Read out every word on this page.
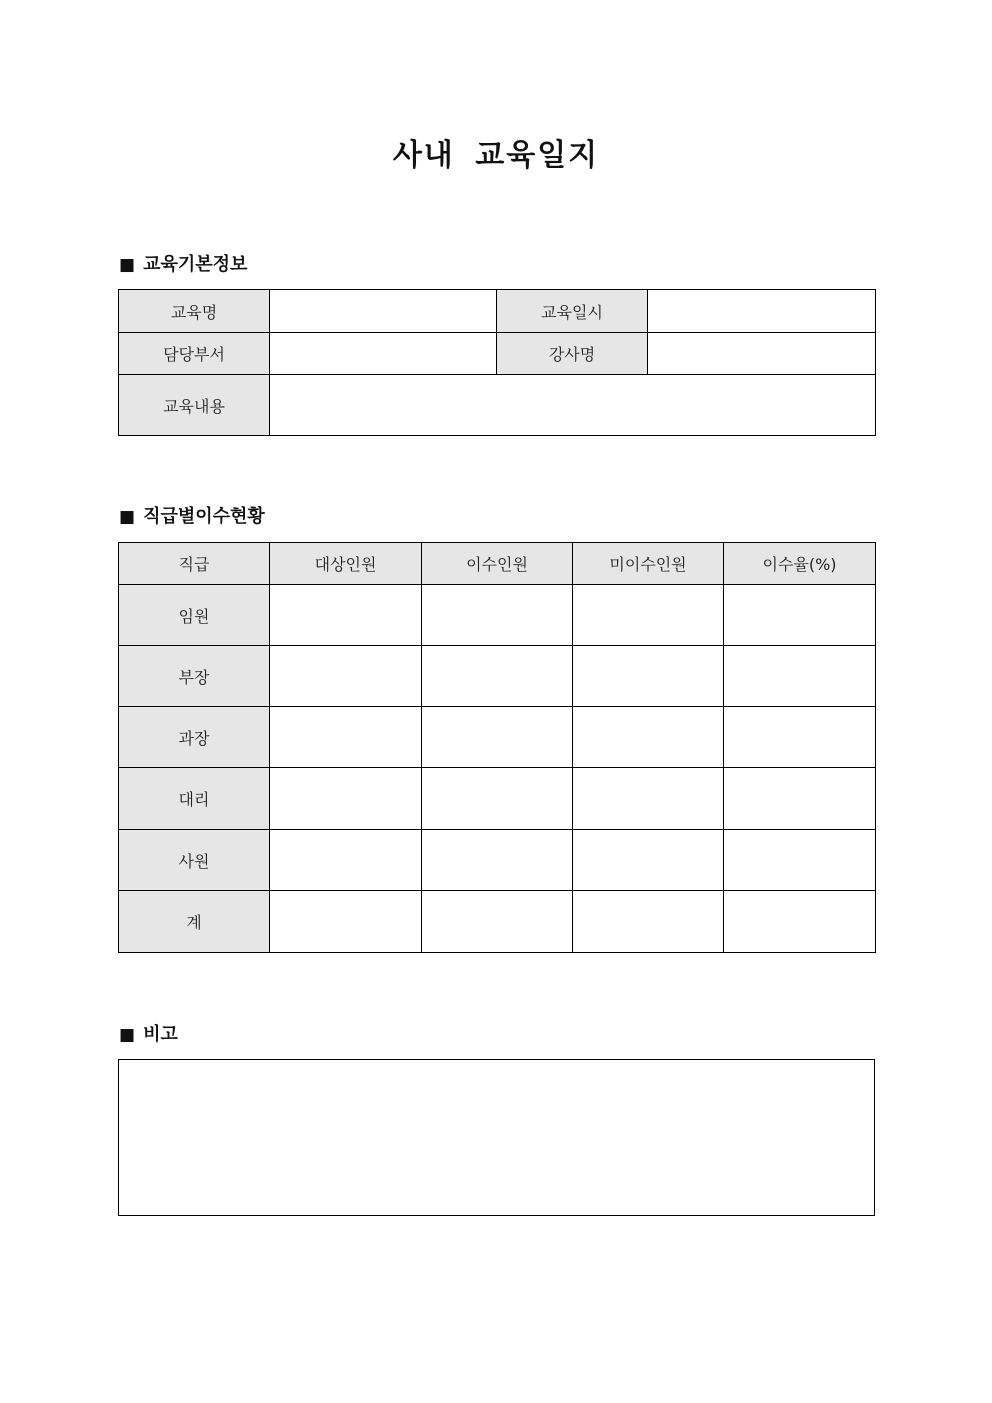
사내 교육일지
■ 교육기본정보
교육명		교육일시	
담당부서		강사명	
교육내용			
■ 직급별이수현황
직급	대상인원	이수인원	미이수인원	이수율(%)
임원				
부장				
과장				
대리				
사원				
계				
■ 비고
